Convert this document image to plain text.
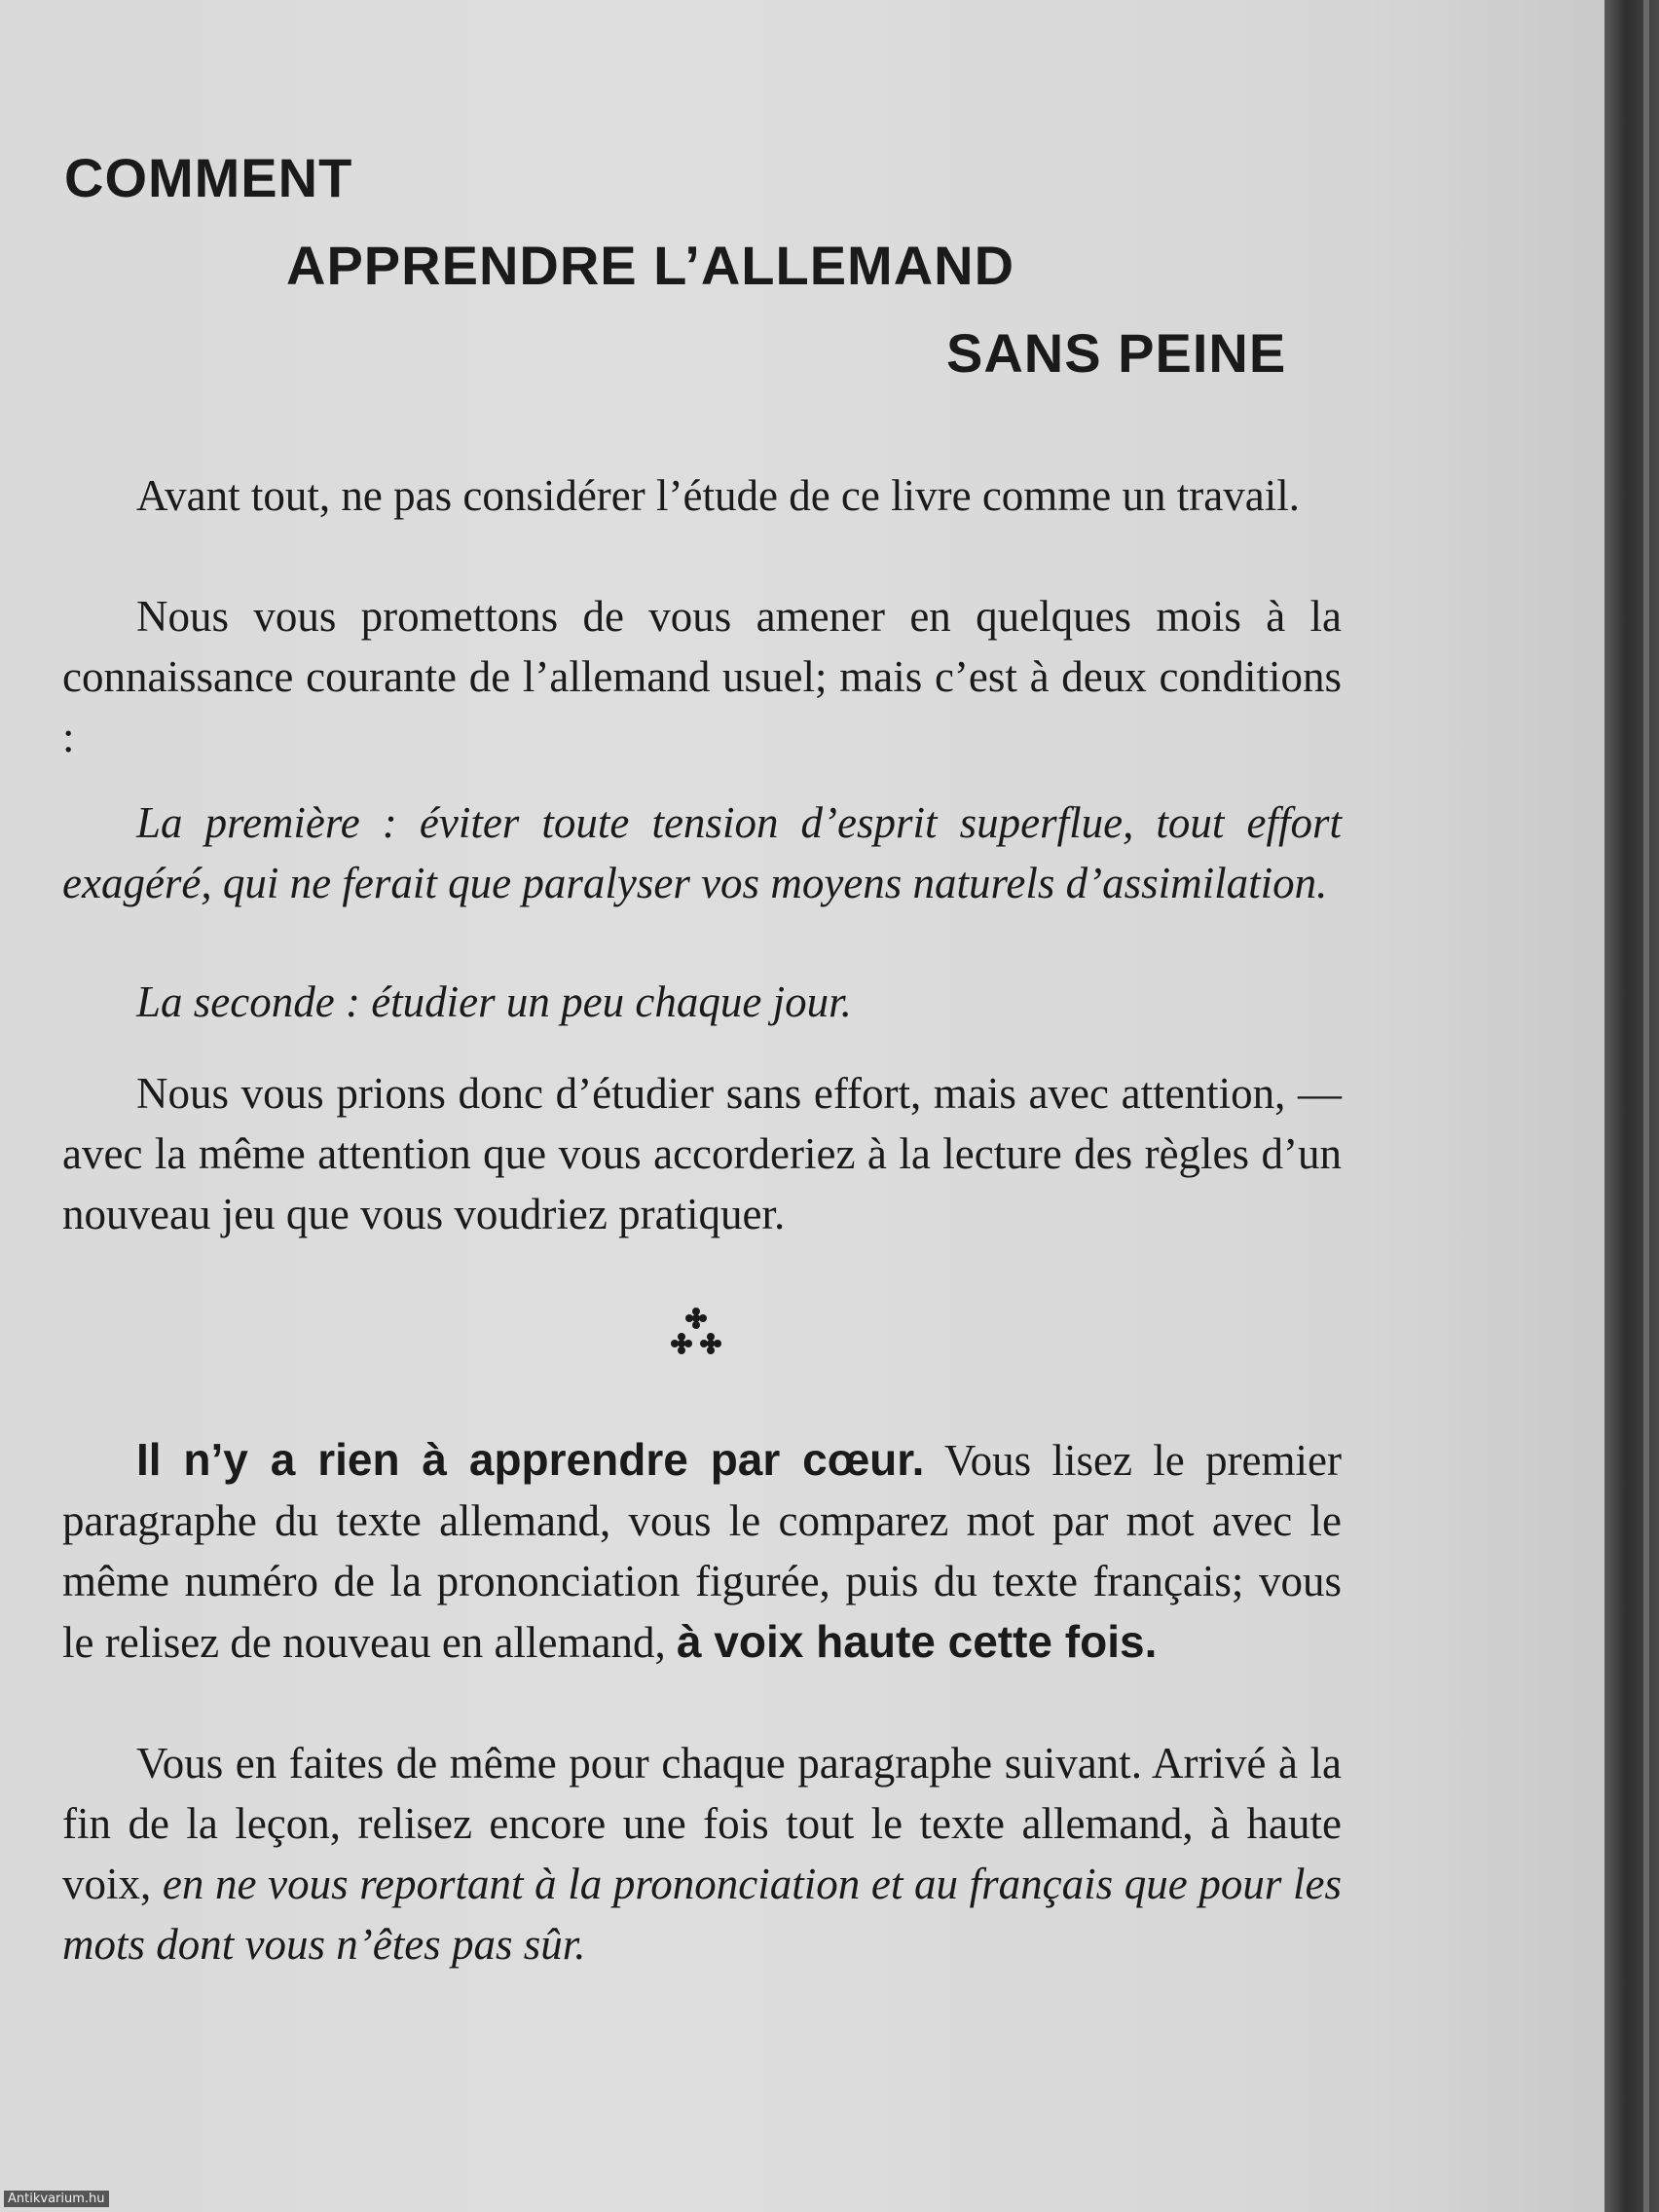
COMMENT
APPRENDRE L’ALLEMAND
SANS PEINE

Avant tout, ne pas considérer l’étude de ce livre comme un travail.

Nous vous promettons de vous amener en quelques mois à la connaissance courante de l’allemand usuel; mais c’est à deux conditions :

La première : éviter toute tension d’esprit superflue, tout effort exagéré, qui ne ferait que paralyser vos moyens naturels d’assimilation.

La seconde : étudier un peu chaque jour.

Nous vous prions donc d’étudier sans effort, mais avec attention, — avec la même attention que vous accorderiez à la lecture des règles d’un nouveau jeu que vous voudriez pratiquer.

Il n’y a rien à apprendre par cœur. Vous lisez le premier paragraphe du texte allemand, vous le comparez mot par mot avec le même numéro de la prononciation figurée, puis du texte français; vous le relisez de nouveau en allemand, à voix haute cette fois.

Vous en faites de même pour chaque paragraphe suivant. Arrivé à la fin de la leçon, relisez encore une fois tout le texte allemand, à haute voix, en ne vous reportant à la prononciation et au français que pour les mots dont vous n’êtes pas sûr.

Antikvarium.hu
